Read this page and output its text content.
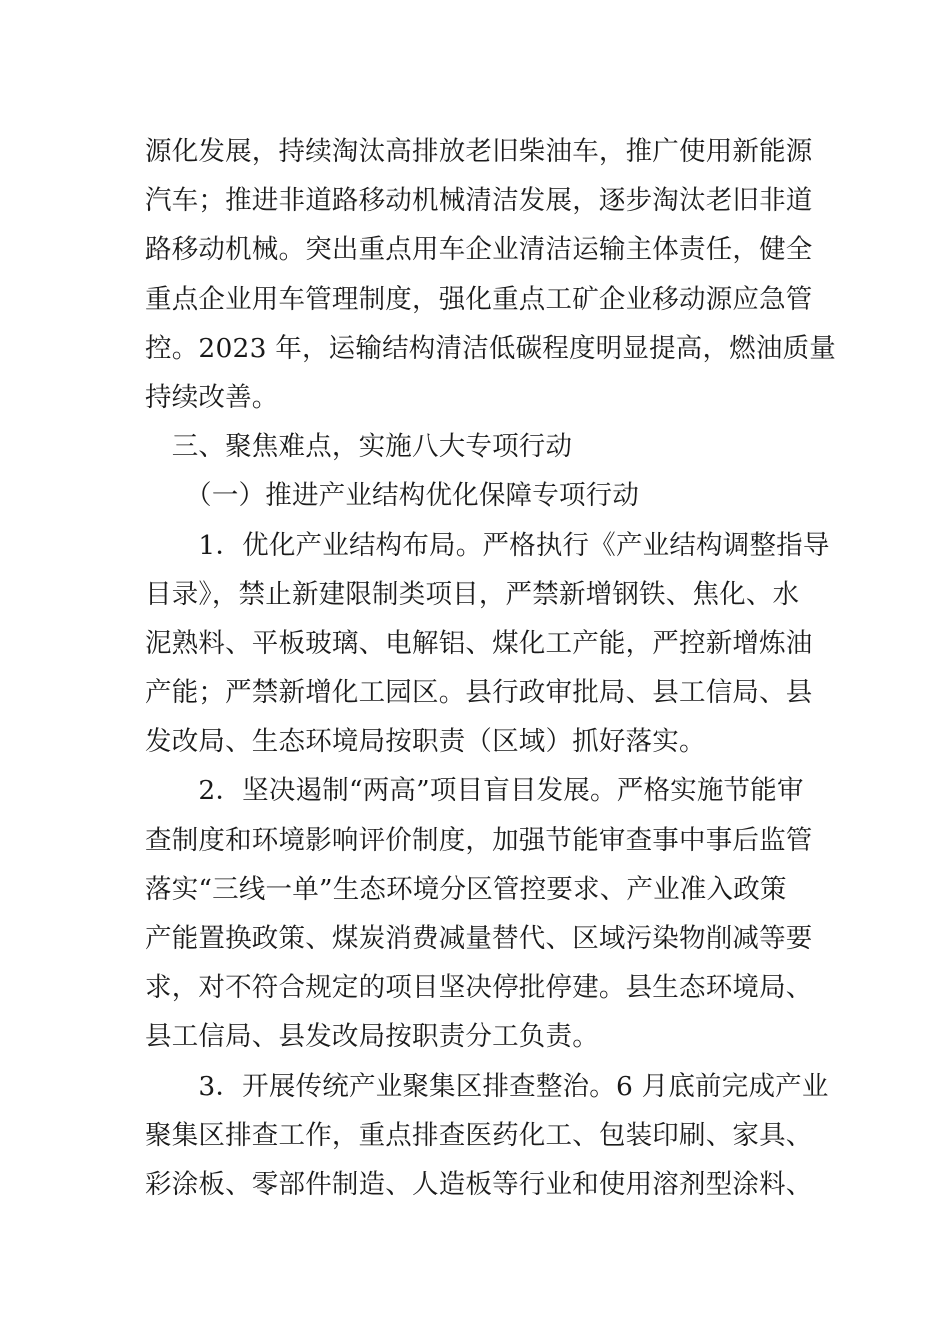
源化发展，持续淘汰高排放老旧柴油车，推广使用新能源
汽车；推进非道路移动机械清洁发展，逐步淘汰老旧非道
路移动机械。突出重点用车企业清洁运输主体责任，健全
重点企业用车管理制度，强化重点工矿企业移动源应急管
控。2023 年，运输结构清洁低碳程度明显提高，燃油质量
持续改善。
　三、聚焦难点，实施八大专项行动
　　（一）推进产业结构优化保障专项行动
　　1．优化产业结构布局。严格执行《产业结构调整指导
目录》，禁止新建限制类项目，严禁新增钢铁、焦化、水
泥熟料、平板玻璃、电解铝、煤化工产能，严控新增炼油
产能；严禁新增化工园区。县行政审批局、县工信局、县
发改局、生态环境局按职责（区域）抓好落实。
　　2．坚决遏制“两高”项目盲目发展。严格实施节能审
查制度和环境影响评价制度，加强节能审查事中事后监管
落实“三线一单”生态环境分区管控要求、产业准入政策
产能置换政策、煤炭消费减量替代、区域污染物削减等要
求，对不符合规定的项目坚决停批停建。县生态环境局、
县工信局、县发改局按职责分工负责。
　　3．开展传统产业聚集区排查整治。6 月底前完成产业
聚集区排查工作，重点排查医药化工、包装印刷、家具、
彩涂板、零部件制造、人造板等行业和使用溶剂型涂料、
